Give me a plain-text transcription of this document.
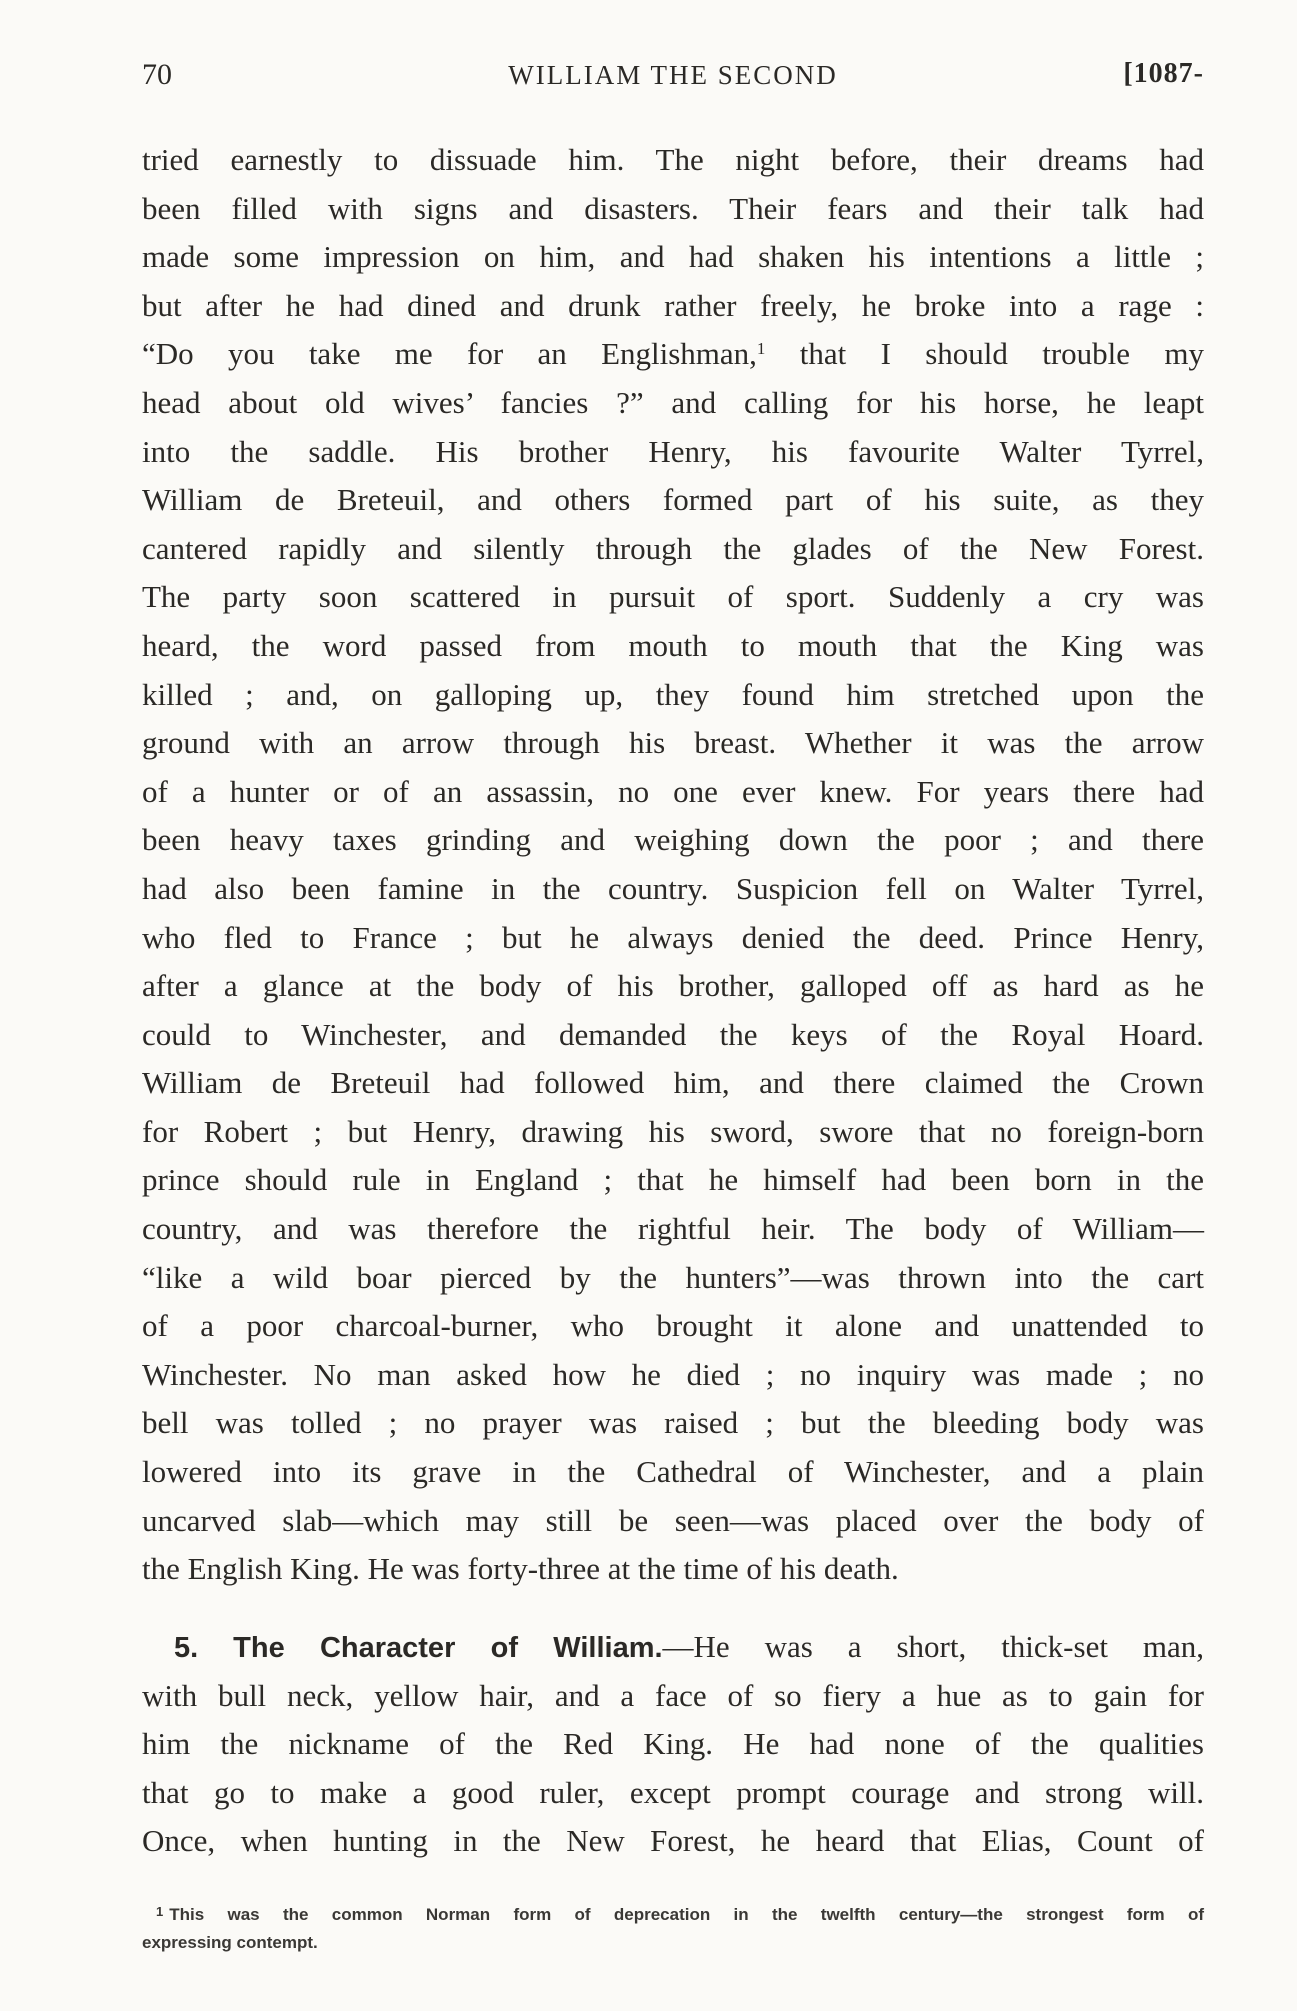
70	WILLIAM THE SECOND	[1087-
tried earnestly to dissuade him. The night before, their dreams had
been filled with signs and disasters. Their fears and their talk had
made some impression on him, and had shaken his intentions a little ;
but after he had dined and drunk rather freely, he broke into a rage :
“Do you take me for an Englishman,$^1$ that I should trouble my
head about old wives’ fancies ?” and calling for his horse, he leapt
into the saddle. His brother Henry, his favourite Walter Tyrrel,
William de Breteuil, and others formed part of his suite, as they
cantered rapidly and silently through the glades of the New Forest.
The party soon scattered in pursuit of sport. Suddenly a cry was
heard, the word passed from mouth to mouth that the King was
killed ; and, on galloping up, they found him stretched upon the
ground with an arrow through his breast. Whether it was the arrow
of a hunter or of an assassin, no one ever knew. For years there had
been heavy taxes grinding and weighing down the poor ; and there
had also been famine in the country. Suspicion fell on Walter Tyrrel,
who fled to France ; but he always denied the deed. Prince Henry,
after a glance at the body of his brother, galloped off as hard as he
could to Winchester, and demanded the keys of the Royal Hoard.
William de Breteuil had followed him, and there claimed the Crown
for Robert ; but Henry, drawing his sword, swore that no foreign-born
prince should rule in England ; that he himself had been born in the
country, and was therefore the rightful heir. The body of William—
“like a wild boar pierced by the hunters”—was thrown into the cart
of a poor charcoal-burner, who brought it alone and unattended to
Winchester. No man asked how he died ; no inquiry was made ; no
bell was tolled ; no prayer was raised ; but the bleeding body was
lowered into its grave in the Cathedral of Winchester, and a plain
uncarved slab—which may still be seen—was placed over the body of
the English King. He was forty-three at the time of his death.
5. The Character of William.—He was a short, thick-set man,
with bull neck, yellow hair, and a face of so fiery a hue as to gain for
him the nickname of the Red King. He had none of the qualities
that go to make a good ruler, except prompt courage and strong will.
Once, when hunting in the New Forest, he heard that Elias, Count of
$^1$ This was the common Norman form of deprecation in the twelfth century—the strongest form of
expressing contempt.
